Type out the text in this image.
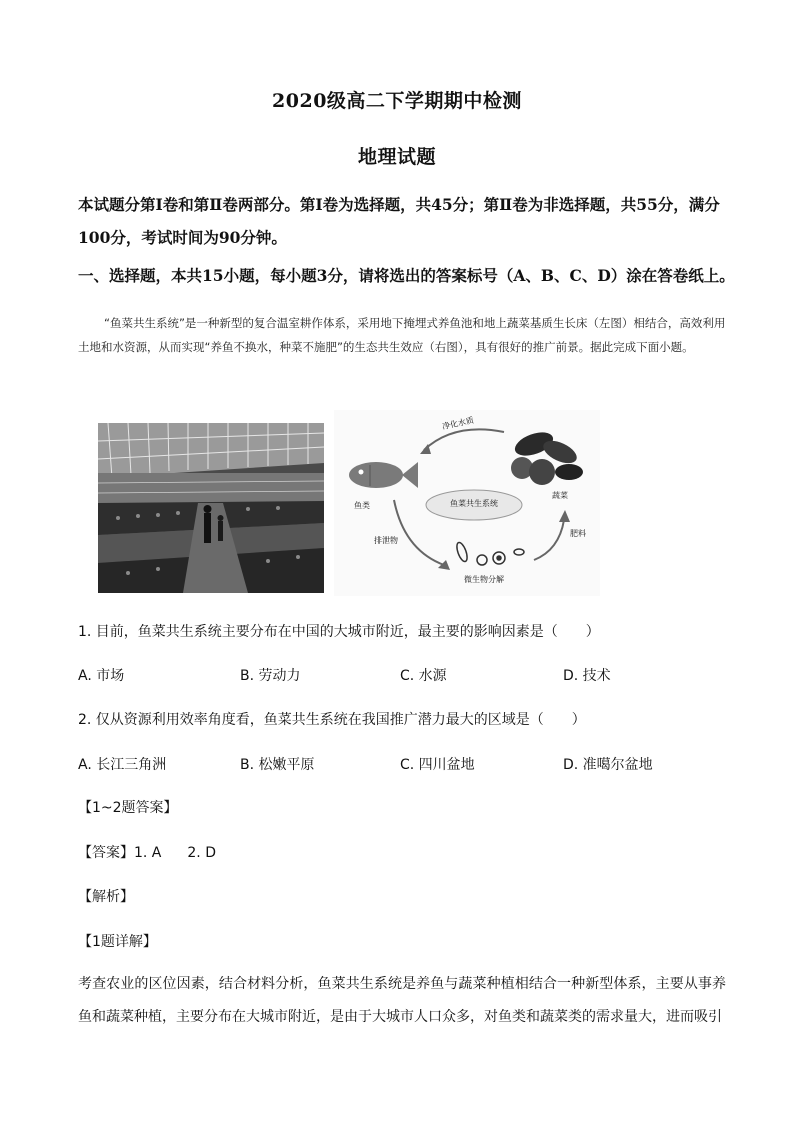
2020级高二下学期期中检测
地理试题
本试题分第Ⅰ卷和第Ⅱ卷两部分。第Ⅰ卷为选择题，共45分；第Ⅱ卷为非选择题，共55分，满分100分，考试时间为90分钟。
一、选择题，本共15小题，每小题3分，请将选出的答案标号（A、B、C、D）涂在答卷纸上。
“鱼菜共生系统”是一种新型的复合温室耕作体系，采用地下掩埋式养鱼池和地上蔬菜基质生长床（左图）相结合，高效利用土地和水资源，从而实现“养鱼不换水，种菜不施肥”的生态共生效应（右图），具有很好的推广前景。据此完成下面小题。
鱼菜共生系统
净化水质
鱼类
蔬菜
排泄物
微生物分解
肥料
1. 目前，鱼菜共生系统主要分布在中国的大城市附近，最主要的影响因素是（　　）
A. 市场	B. 劳动力	C. 水源	D. 技术
2. 仅从资源利用效率角度看，鱼菜共生系统在我国推广潜力最大的区域是（　　）
A. 长江三角洲	B. 松嫩平原	C. 四川盆地	D. 准噶尔盆地
【1~2题答案】
【答案】1. A 2. D
【解析】
【1题详解】
考查农业的区位因素，结合材料分析，鱼菜共生系统是养鱼与蔬菜种植相结合一种新型体系，主要从事养鱼和蔬菜种植，主要分布在大城市附近，是由于大城市人口众多，对鱼类和蔬菜类的需求量大，进而吸引
